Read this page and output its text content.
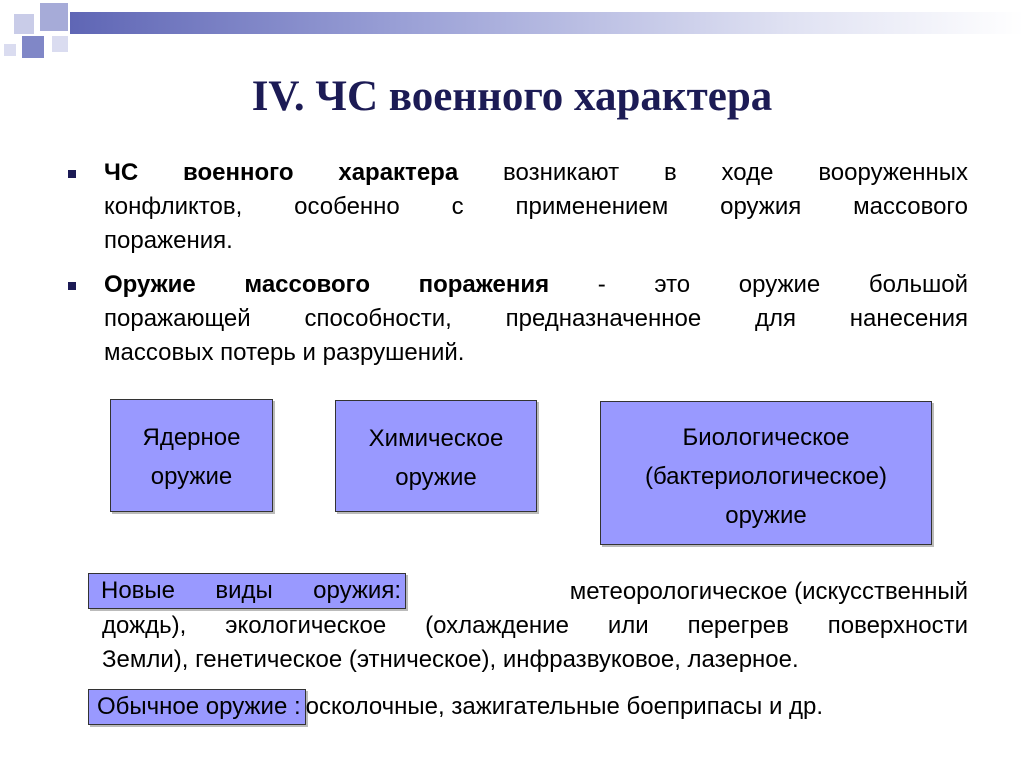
IV. ЧС военного характера

ЧС военного характера возникают в ходе вооруженных
конфликтов, особенно с применением оружия массового
поражения.

Оружие массового поражения - это оружие большой
поражающей способности, предназначенное для нанесения
массовых потерь и разрушений.

Ядерное
оружие
Химическое
оружие
Биологическое
(бактериологическое)
оружие

Новые виды оружия:	метеорологическое (искусственный
дождь), экологическое (охлаждение или перегрев поверхности
Земли), генетическое (этническое), инфразвуковое, лазерное.

Обычное оружие : осколочные, зажигательные боеприпасы и др.
